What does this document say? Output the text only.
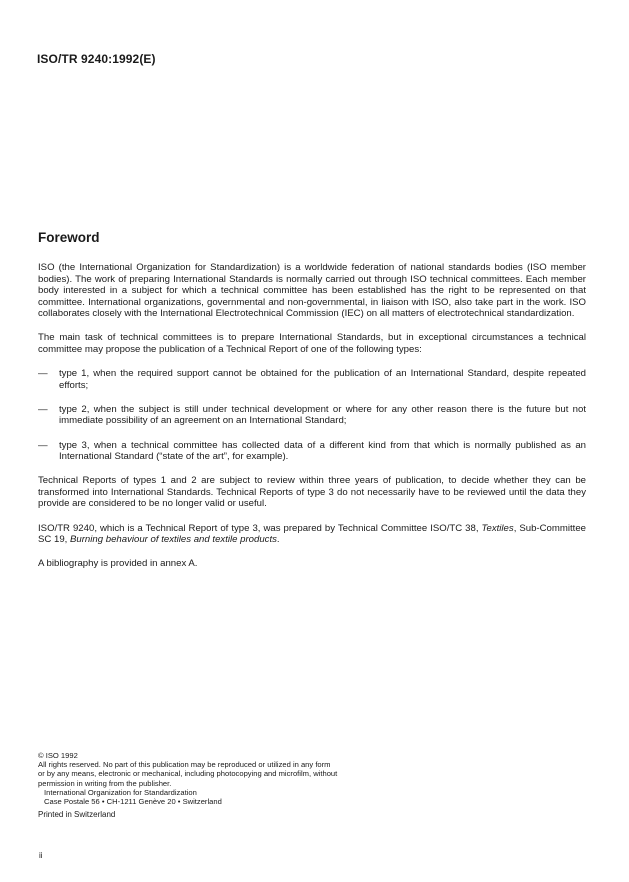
ISO/TR 9240:1992(E)
Foreword

ISO (the International Organization for Standardization) is a worldwide federation of national standards bodies (ISO member bodies). The work of preparing International Standards is normally carried out through ISO technical committees. Each member body interested in a subject for which a technical committee has been established has the right to be represented on that committee. International organizations, governmental and non-governmental, in liaison with ISO, also take part in the work. ISO collaborates closely with the International Electrotechnical Commission (IEC) on all matters of electrotechnical standardization.

The main task of technical committees is to prepare International Standards, but in exceptional circumstances a technical committee may propose the publication of a Technical Report of one of the following types:

—	type 1, when the required support cannot be obtained for the publication of an International Standard, despite repeated efforts;
—	type 2, when the subject is still under technical development or where for any other reason there is the future but not immediate possibility of an agreement on an International Standard;
—	type 3, when a technical committee has collected data of a different kind from that which is normally published as an International Standard (“state of the art”, for example).

Technical Reports of types 1 and 2 are subject to review within three years of publication, to decide whether they can be transformed into International Standards. Technical Reports of type 3 do not necessarily have to be reviewed until the data they provide are considered to be no longer valid or useful.

ISO/TR 9240, which is a Technical Report of type 3, was prepared by Technical Committee ISO/TC 38, Textiles, Sub-Committee SC 19, Burning behaviour of textiles and textile products.

A bibliography is provided in annex A.

© ISO 1992
All rights reserved. No part of this publication may be reproduced or utilized in any form
or by any means, electronic or mechanical, including photocopying and microfilm, without
permission in writing from the publisher.
International Organization for Standardization
Case Postale 56 • CH-1211 Genève 20 • Switzerland
Printed in Switzerland
ii
